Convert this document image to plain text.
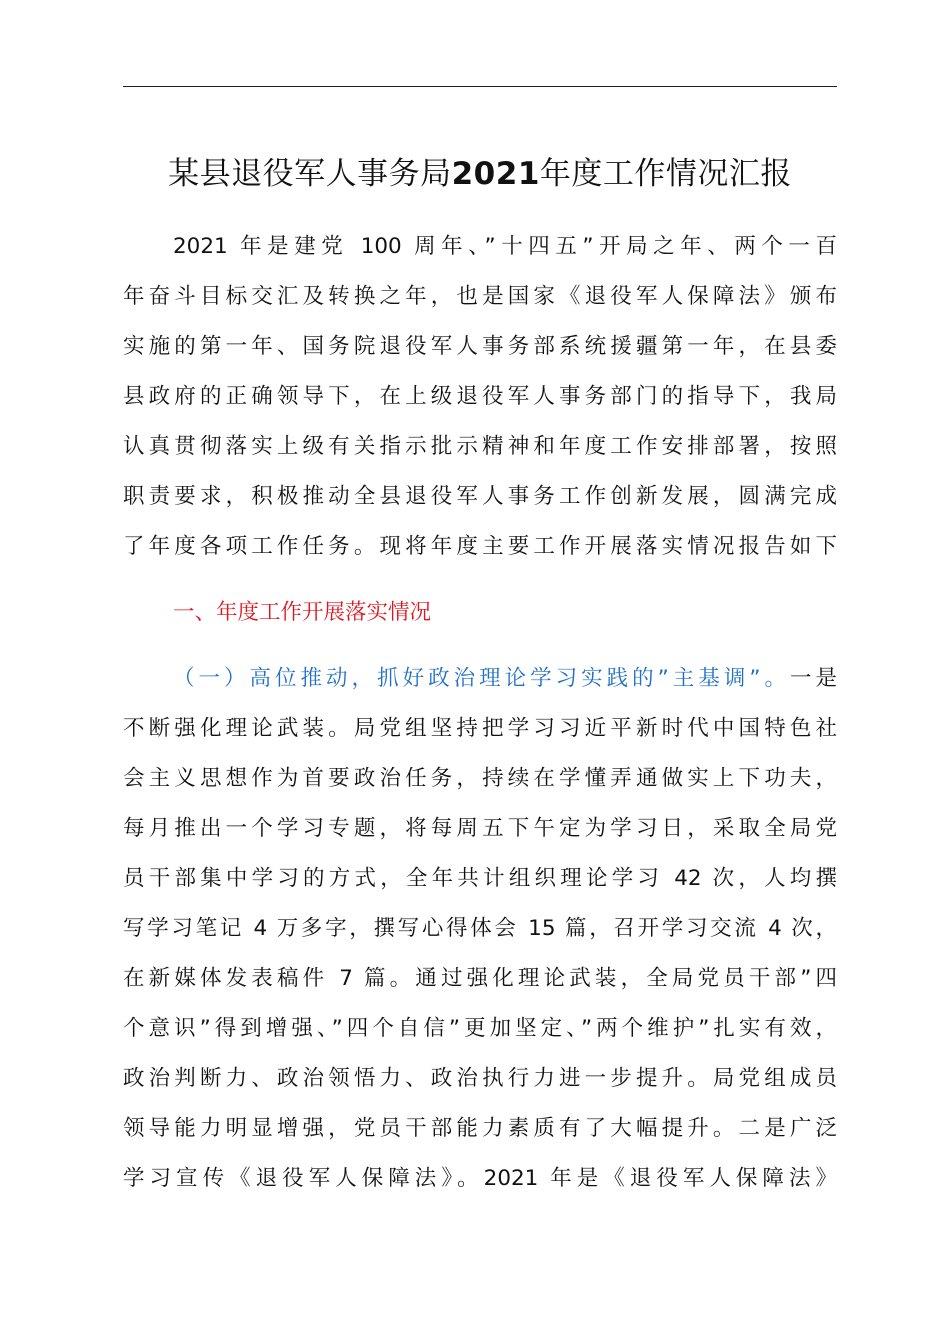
某县退役军人事务局2021年度工作情况汇报
2021 年是建党 100 周年、”十四五”开局之年、两个一百
年奋斗目标交汇及转换之年，也是国家《退役军人保障法》颁布
实施的第一年、国务院退役军人事务部系统援疆第一年，在县委
县政府的正确领导下，在上级退役军人事务部门的指导下，我局
认真贯彻落实上级有关指示批示精神和年度工作安排部署，按照
职责要求，积极推动全县退役军人事务工作创新发展，圆满完成
了年度各项工作任务。现将年度主要工作开展落实情况报告如下
一、年度工作开展落实情况
（一）高位推动，抓好政治理论学习实践的”主基调”。一是
不断强化理论武装。局党组坚持把学习习近平新时代中国特色社
会主义思想作为首要政治任务，持续在学懂弄通做实上下功夫，
每月推出一个学习专题，将每周五下午定为学习日，采取全局党
员干部集中学习的方式，全年共计组织理论学习 42 次，人均撰
写学习笔记 4 万多字，撰写心得体会 15 篇，召开学习交流 4 次，
在新媒体发表稿件 7 篇。通过强化理论武装，全局党员干部”四
个意识”得到增强、”四个自信”更加坚定、”两个维护”扎实有效，
政治判断力、政治领悟力、政治执行力进一步提升。局党组成员
领导能力明显增强，党员干部能力素质有了大幅提升。二是广泛
学习宣传《退役军人保障法》。2021 年是《退役军人保障法》
